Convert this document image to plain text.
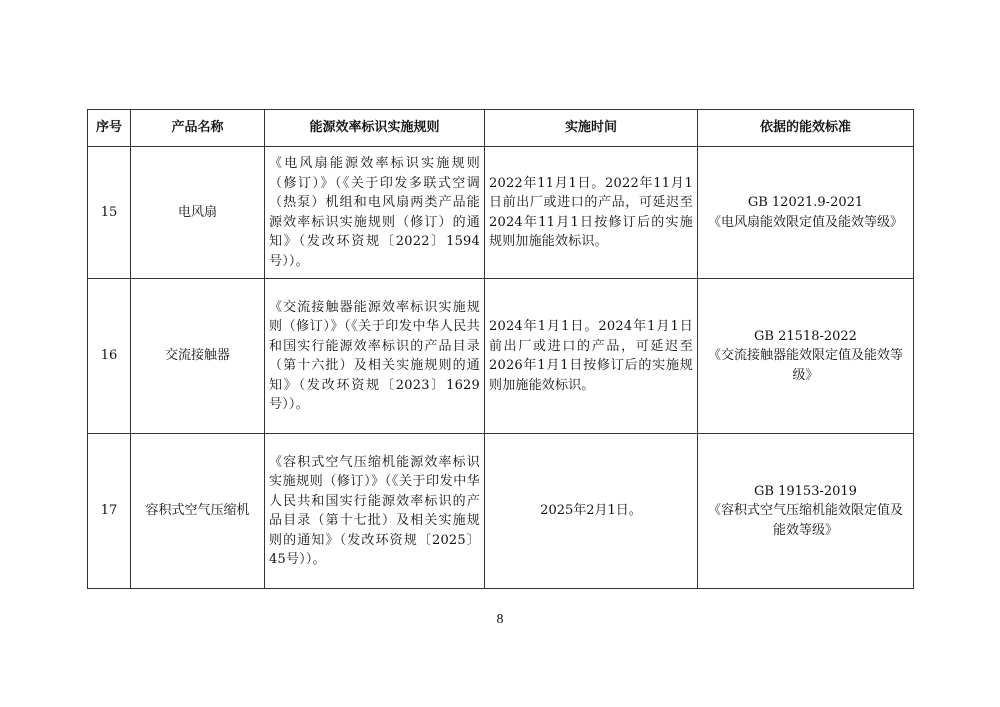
序号	产品名称	能源效率标识实施规则	实施时间	依据的能效标准
15	电风扇	《电风扇能源效率标识实施规则（修订）》（《关于印发多联式空调（热泵）机组和电风扇两类产品能源效率标识实施规则（修订）的通知》（发改环资规〔2022〕1594号））。	2022年11月1日。2022年11月1日前出厂或进口的产品，可延迟至2024年11月1日按修订后的实施规则加施能效标识。	GB 12021.9-2021
《电风扇能效限定值及能效等级》

16	交流接触器	《交流接触器能源效率标识实施规则（修订）》（《关于印发中华人民共和国实行能源效率标识的产品目录（第十六批）及相关实施规则的通知》（发改环资规〔2023〕1629号））。	2024年1月1日。2024年1月1日前出厂或进口的产品，可延迟至2026年1月1日按修订后的实施规则加施能效标识。	GB 21518-2022
《交流接触器能效限定值及能效等级》

17	容积式空气压缩机	《容积式空气压缩机能源效率标识实施规则（修订）》（《关于印发中华人民共和国实行能源效率标识的产品目录（第十七批）及相关实施规则的通知》（发改环资规〔2025〕45号））。	2025年2月1日。	GB 19153-2019
《容积式空气压缩机能效限定值及能效等级》
8
